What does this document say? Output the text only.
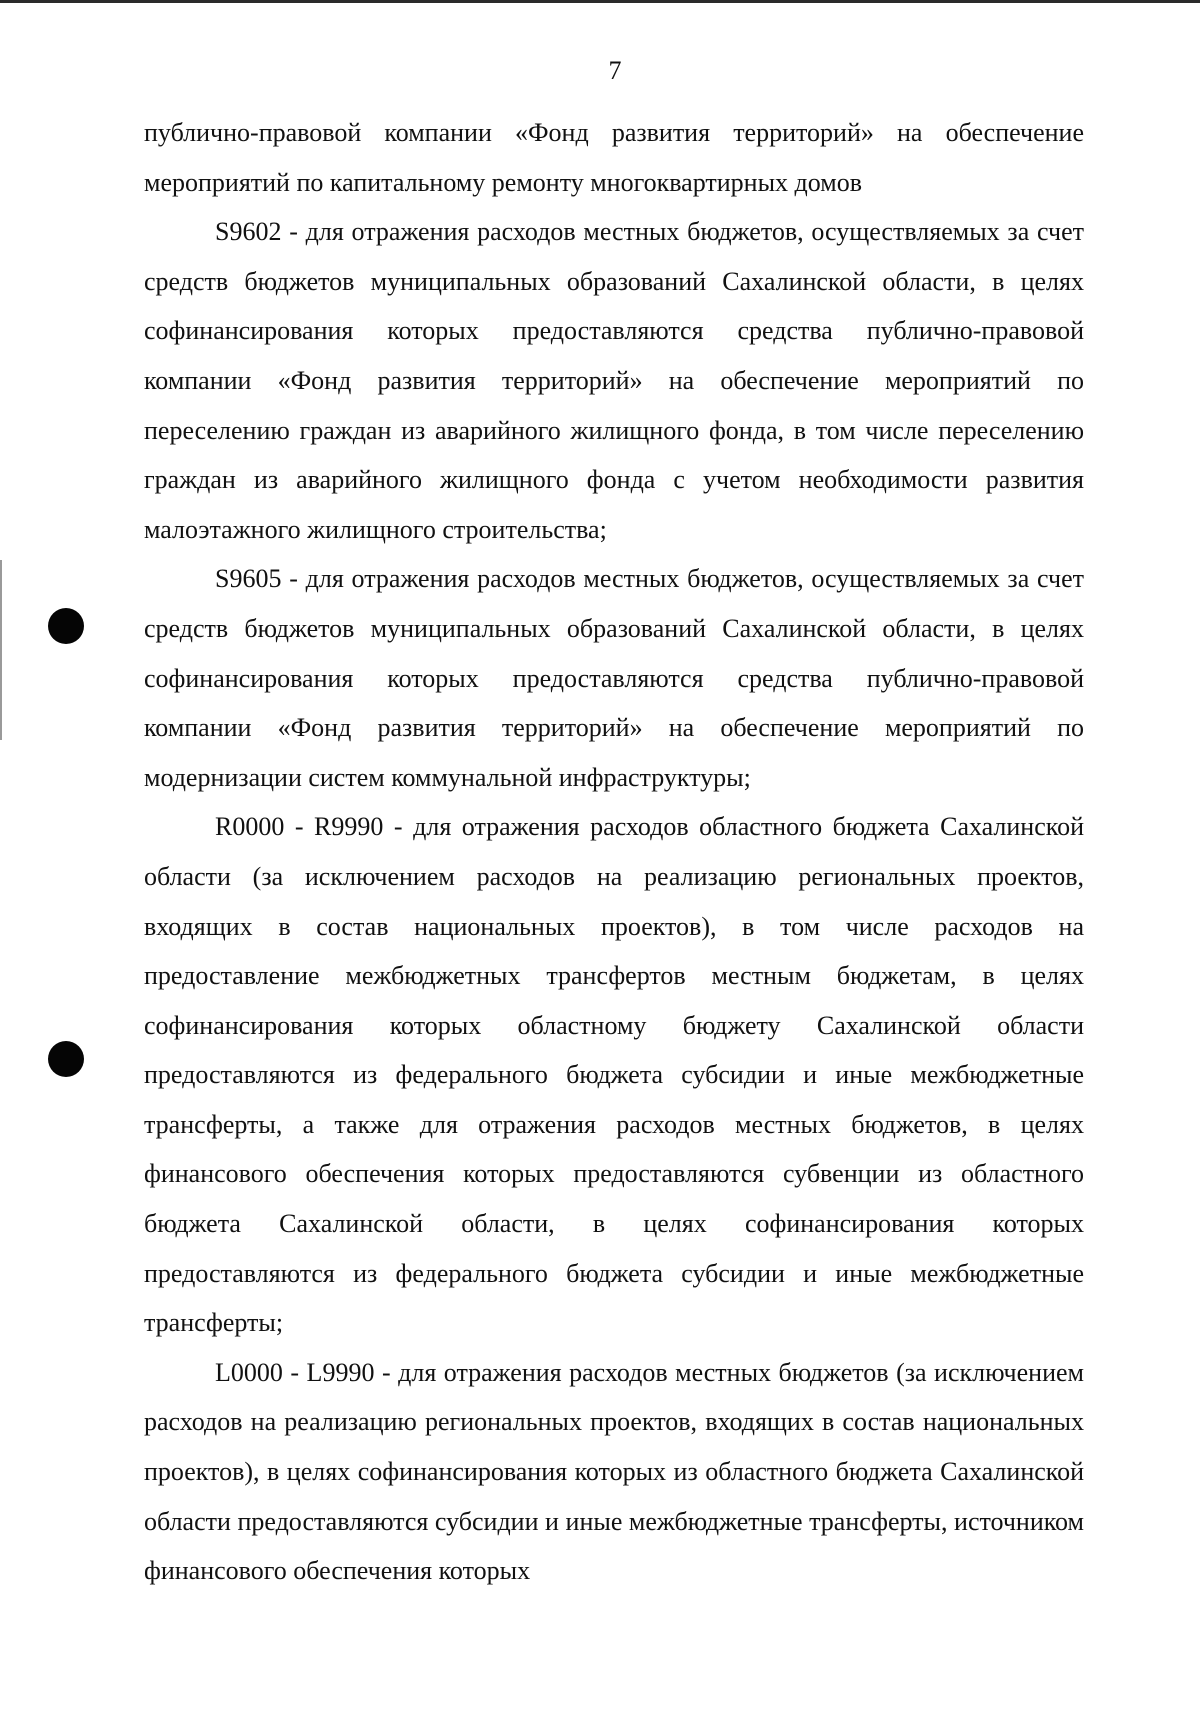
7

публично-правовой компании «Фонд развития территорий» на обеспечение мероприятий по капитальному ремонту многоквартирных домов

S9602 - для отражения расходов местных бюджетов, осуществляемых за счет средств бюджетов муниципальных образований Сахалинской области, в целях софинансирования которых предоставляются средства публично-правовой компании «Фонд развития территорий» на обеспечение мероприятий по переселению граждан из аварийного жилищного фонда, в том числе переселению граждан из аварийного жилищного фонда с учетом необходимости развития малоэтажного жилищного строительства;

S9605 - для отражения расходов местных бюджетов, осуществляемых за счет средств бюджетов муниципальных образований Сахалинской области, в целях софинансирования которых предоставляются средства публично-правовой компании «Фонд развития территорий» на обеспечение мероприятий по модернизации систем коммунальной инфраструктуры;

R0000 - R9990 - для отражения расходов областного бюджета Сахалинской области (за исключением расходов на реализацию региональных проектов, входящих в состав национальных проектов), в том числе расходов на предоставление межбюджетных трансфертов местным бюджетам, в целях софинансирования которых областному бюджету Сахалинской области предоставляются из федерального бюджета субсидии и иные межбюджетные трансферты, а также для отражения расходов местных бюджетов, в целях финансового обеспечения которых предоставляются субвенции из областного бюджета Сахалинской области, в целях софинансирования которых предоставляются из федерального бюджета субсидии и иные межбюджетные трансферты;

L0000 - L9990 - для отражения расходов местных бюджетов (за исключением расходов на реализацию региональных проектов, входящих в состав национальных проектов), в целях софинансирования которых из областного бюджета Сахалинской области предоставляются субсидии и иные межбюджетные трансферты, источником финансового обеспечения которых
